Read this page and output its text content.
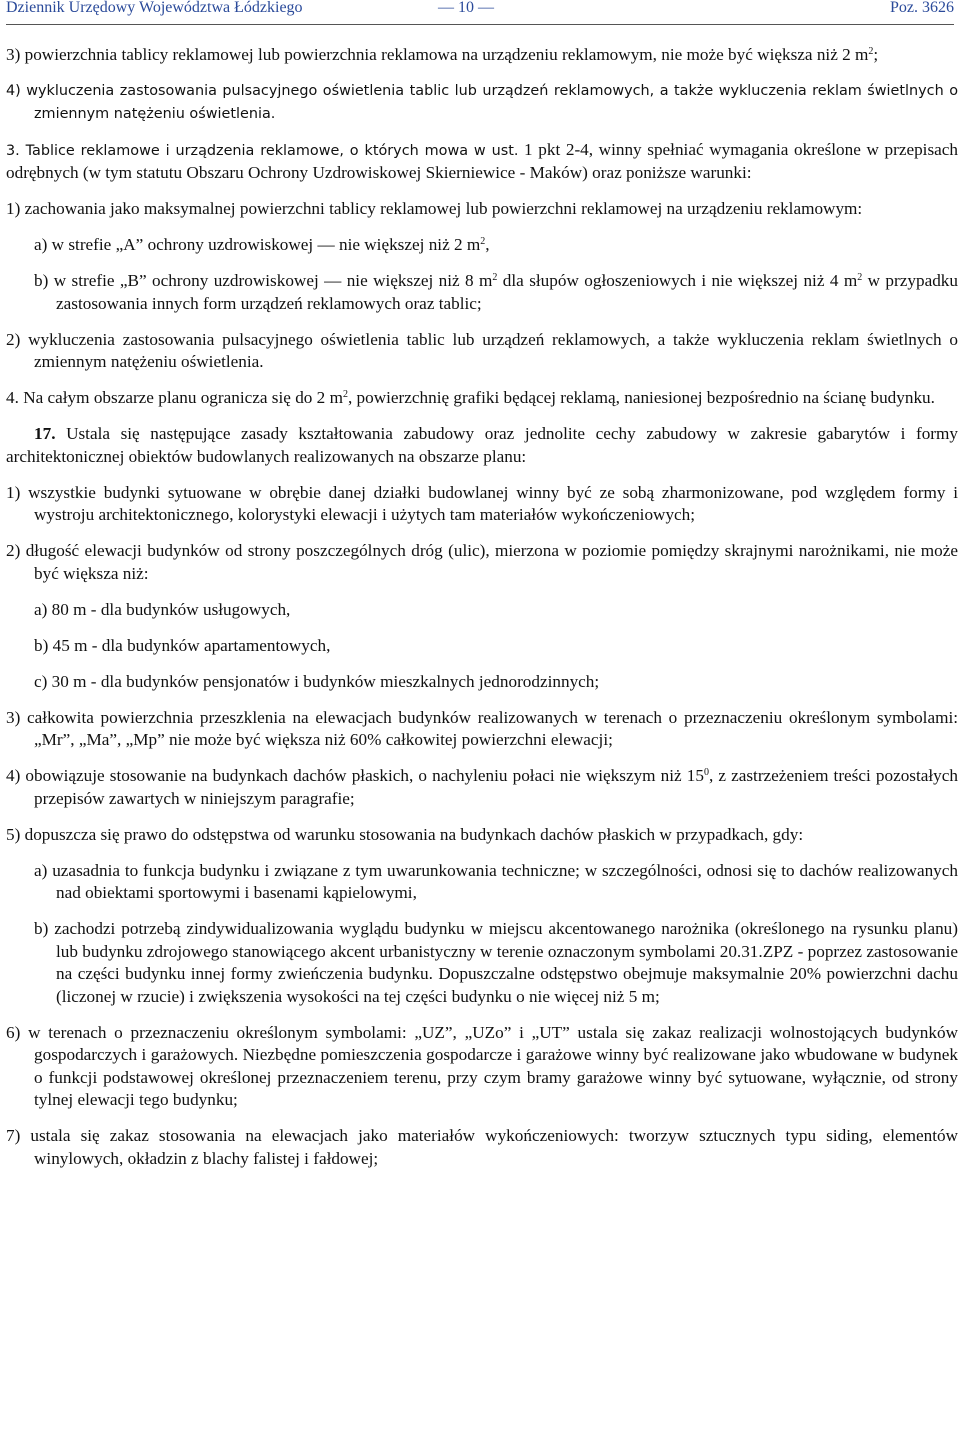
Dziennik Urzędowy Województwa Łódzkiego	— 10 —	Poz. 3626

3) powierzchnia tablicy reklamowej lub powierzchnia reklamowa na urządzeniu reklamowym, nie może być większa niż 2 $m^2$;

4) wykluczenia zastosowania pulsacyjnego oświetlenia tablic lub urządzeń reklamowych, a także wykluczenia reklam świetlnych o zmiennym natężeniu oświetlenia.

3. Tablice reklamowe i urządzenia reklamowe, o których mowa w ust. 1 pkt 2-4, winny spełniać wymagania określone w przepisach odrębnych (w tym statutu Obszaru Ochrony Uzdrowiskowej Skierniewice - Maków) oraz poniższe warunki:

1) zachowania jako maksymalnej powierzchni tablicy reklamowej lub powierzchni reklamowej na urządzeniu reklamowym:

a) w strefie „A” ochrony uzdrowiskowej — nie większej niż 2 $m^2$,

b) w strefie „B” ochrony uzdrowiskowej — nie większej niż 8 $m^2$ dla słupów ogłoszeniowych i nie większej niż 4 $m^2$ w przypadku zastosowania innych form urządzeń reklamowych oraz tablic;

2) wykluczenia zastosowania pulsacyjnego oświetlenia tablic lub urządzeń reklamowych, a także wykluczenia reklam świetlnych o zmiennym natężeniu oświetlenia.

4. Na całym obszarze planu ogranicza się do 2 $m^2$, powierzchnię grafiki będącej reklamą, naniesionej bezpośrednio na ścianę budynku.

17. Ustala się następujące zasady kształtowania zabudowy oraz jednolite cechy zabudowy w zakresie gabarytów i formy architektonicznej obiektów budowlanych realizowanych na obszarze planu:

1) wszystkie budynki sytuowane w obrębie danej działki budowlanej winny być ze sobą zharmonizowane, pod względem formy i wystroju architektonicznego, kolorystyki elewacji i użytych tam materiałów wykończeniowych;

2) długość elewacji budynków od strony poszczególnych dróg (ulic), mierzona w poziomie pomiędzy skrajnymi narożnikami, nie może być większa niż:

a) 80 m - dla budynków usługowych,

b) 45 m - dla budynków apartamentowych,

c) 30 m - dla budynków pensjonatów i budynków mieszkalnych jednorodzinnych;

3) całkowita powierzchnia przeszklenia na elewacjach budynków realizowanych w terenach o przeznaczeniu określonym symbolami: „Mr”, „Ma”, „Mp” nie może być większa niż 60% całkowitej powierzchni elewacji;

4) obowiązuje stosowanie na budynkach dachów płaskich, o nachyleniu połaci nie większym niż $15^0$, z zastrzeżeniem treści pozostałych przepisów zawartych w niniejszym paragrafie;

5) dopuszcza się prawo do odstępstwa od warunku stosowania na budynkach dachów płaskich w przypadkach, gdy:

a) uzasadnia to funkcja budynku i związane z tym uwarunkowania techniczne; w szczególności, odnosi się to dachów realizowanych nad obiektami sportowymi i basenami kąpielowymi,

b) zachodzi potrzebą zindywidualizowania wyglądu budynku w miejscu akcentowanego narożnika (określonego na rysunku planu) lub budynku zdrojowego stanowiącego akcent urbanistyczny w terenie oznaczonym symbolami 20.31.ZPZ - poprzez zastosowanie na części budynku innej formy zwieńczenia budynku. Dopuszczalne odstępstwo obejmuje maksymalnie 20% powierzchni dachu (liczonej w rzucie) i zwiększenia wysokości na tej części budynku o nie więcej niż 5 m;

6) w terenach o przeznaczeniu określonym symbolami: „UZ”, „UZo” i „UT” ustala się zakaz realizacji wolnostojących budynków gospodarczych i garażowych. Niezbędne pomieszczenia gospodarcze i garażowe winny być realizowane jako wbudowane w budynek o funkcji podstawowej określonej przeznaczeniem terenu, przy czym bramy garażowe winny być sytuowane, wyłącznie, od strony tylnej elewacji tego budynku;

7) ustala się zakaz stosowania na elewacjach jako materiałów wykończeniowych: tworzyw sztucznych typu siding, elementów winylowych, okładzin z blachy falistej i fałdowej;
